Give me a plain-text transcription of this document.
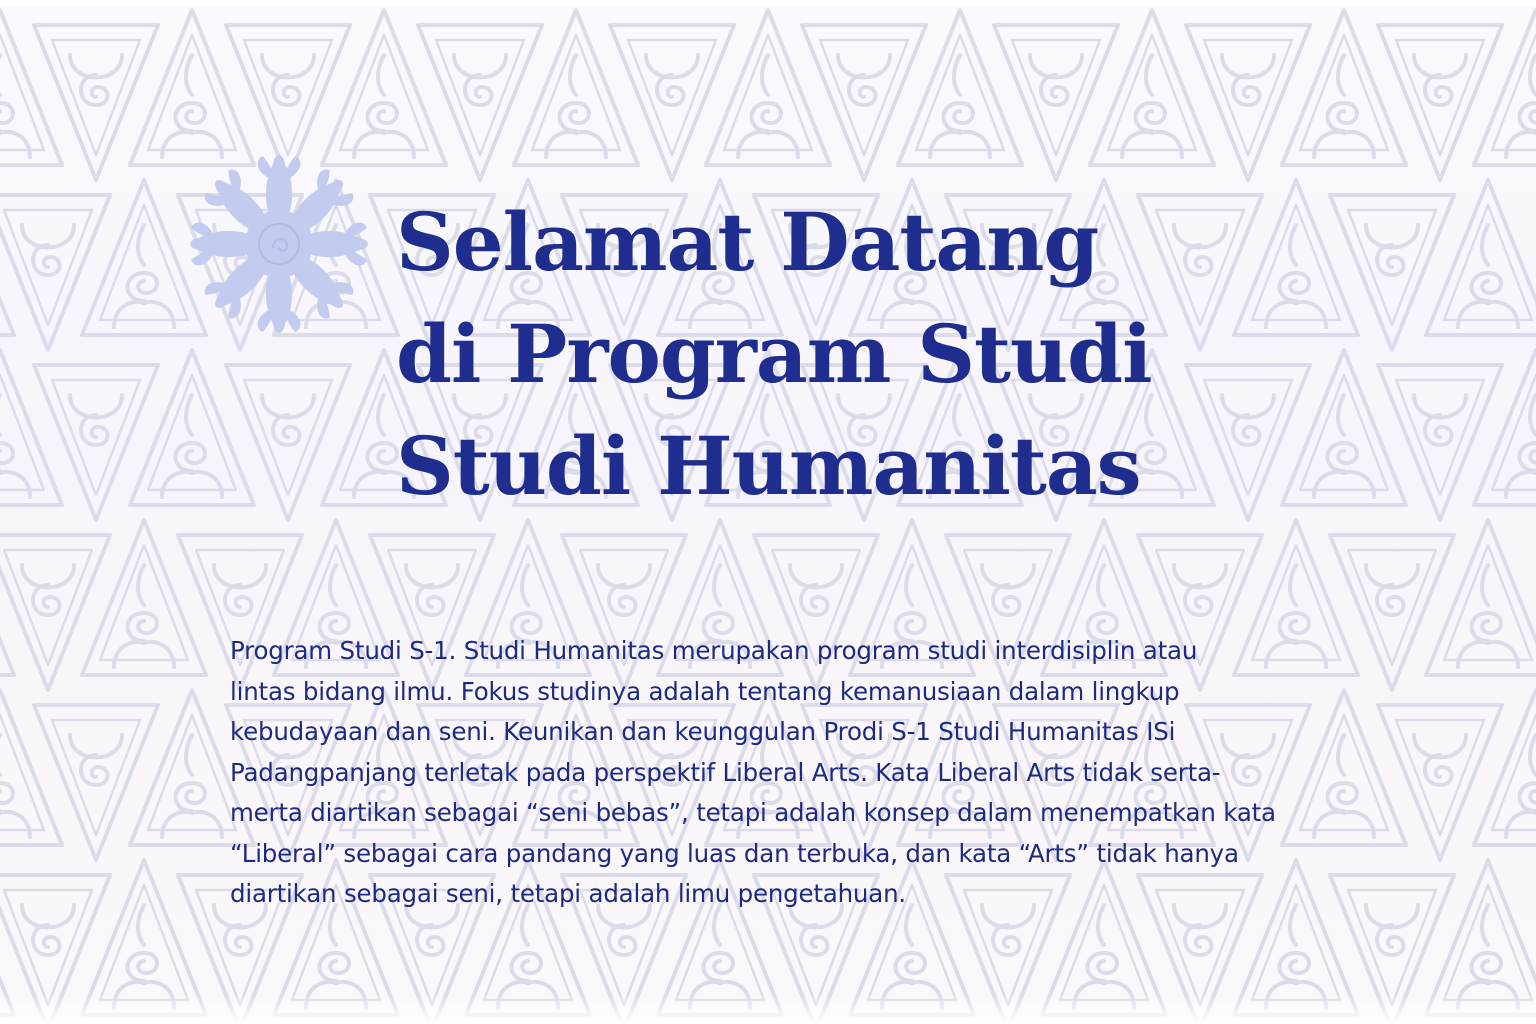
Selamat Datang
di Program Studi
Studi Humanitas

Program Studi S-1. Studi Humanitas merupakan program studi interdisiplin atau
lintas bidang ilmu. Fokus studinya adalah tentang kemanusiaan dalam lingkup
kebudayaan dan seni. Keunikan dan keunggulan Prodi S-1 Studi Humanitas ISi
Padangpanjang terletak pada perspektif Liberal Arts. Kata Liberal Arts tidak serta-
merta diartikan sebagai “seni bebas”, tetapi adalah konsep dalam menempatkan kata
“Liberal” sebagai cara pandang yang luas dan terbuka, dan kata “Arts” tidak hanya
diartikan sebagai seni, tetapi adalah limu pengetahuan.
